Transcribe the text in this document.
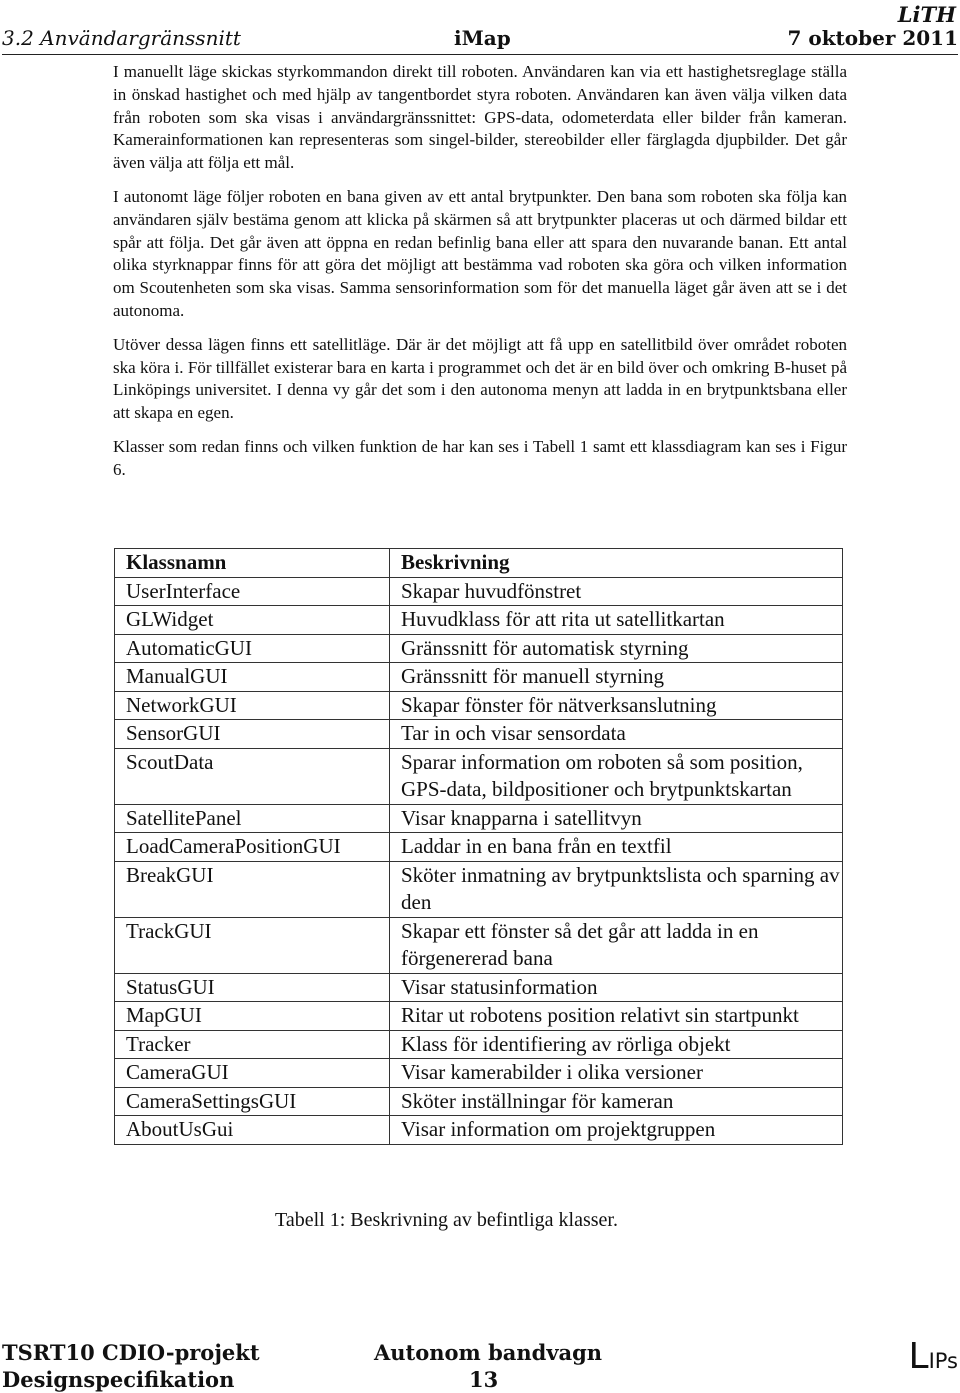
LiTH
3.2 Användargränssnitt	iMap	7 oktober 2011

I manuellt läge skickas styrkommandon direkt till roboten. Användaren kan via ett hastighetsreglage ställa in önskad hastighet och med hjälp av tangentbordet styra roboten. Användaren kan även välja vilken data från roboten som ska visas i användargränssnittet: GPS-data, odometerdata eller bilder från kameran. Kamerainformationen kan representeras som singel-bilder, stereobilder eller färglagda djupbilder. Det går även välja att följa ett mål.

I autonomt läge följer roboten en bana given av ett antal brytpunkter. Den bana som roboten ska följa kan användaren själv bestäma genom att klicka på skärmen så att brytpunkter placeras ut och därmed bildar ett spår att följa. Det går även att öppna en redan befinlig bana eller att spara den nuvarande banan. Ett antal olika styrknappar finns för att göra det möjligt att bestämma vad roboten ska göra och vilken information om Scoutenheten som ska visas. Samma sensorinformation som för det manuella läget går även att se i det autonoma.

Utöver dessa lägen finns ett satellitläge. Där är det möjligt att få upp en satellitbild över området roboten ska köra i. För tillfället existerar bara en karta i programmet och det är en bild över och omkring B-huset på Linköpings universitet. I denna vy går det som i den autonoma menyn att ladda in en brytpunktsbana eller att skapa en egen.

Klasser som redan finns och vilken funktion de har kan ses i Tabell 1 samt ett klassdiagram kan ses i Figur 6.

Klassnamn	Beskrivning
UserInterface	Skapar huvudfönstret
GLWidget	Huvudklass för att rita ut satellitkartan
AutomaticGUI	Gränssnitt för automatisk styrning
ManualGUI	Gränssnitt för manuell styrning
NetworkGUI	Skapar fönster för nätverksanslutning
SensorGUI	Tar in och visar sensordata
ScoutData	Sparar information om roboten så som position, GPS-data, bildpositioner och brytpunktskartan
SatellitePanel	Visar knapparna i satellitvyn
LoadCameraPositionGUI	Laddar in en bana från en textfil
BreakGUI	Sköter inmatning av brytpunktslista och sparning av den
TrackGUI	Skapar ett fönster så det går att ladda in en förgenererad bana
StatusGUI	Visar statusinformation
MapGUI	Ritar ut robotens position relativt sin startpunkt
Tracker	Klass för identifiering av rörliga objekt
CameraGUI	Visar kamerabilder i olika versioner
CameraSettingsGUI	Sköter inställningar för kameran
AboutUsGui	Visar information om projektgruppen
Tabell 1: Beskrivning av befintliga klasser.
TSRT10 CDIO-projekt
Designspecifikation
Autonom bandvagn
13
LIPs
